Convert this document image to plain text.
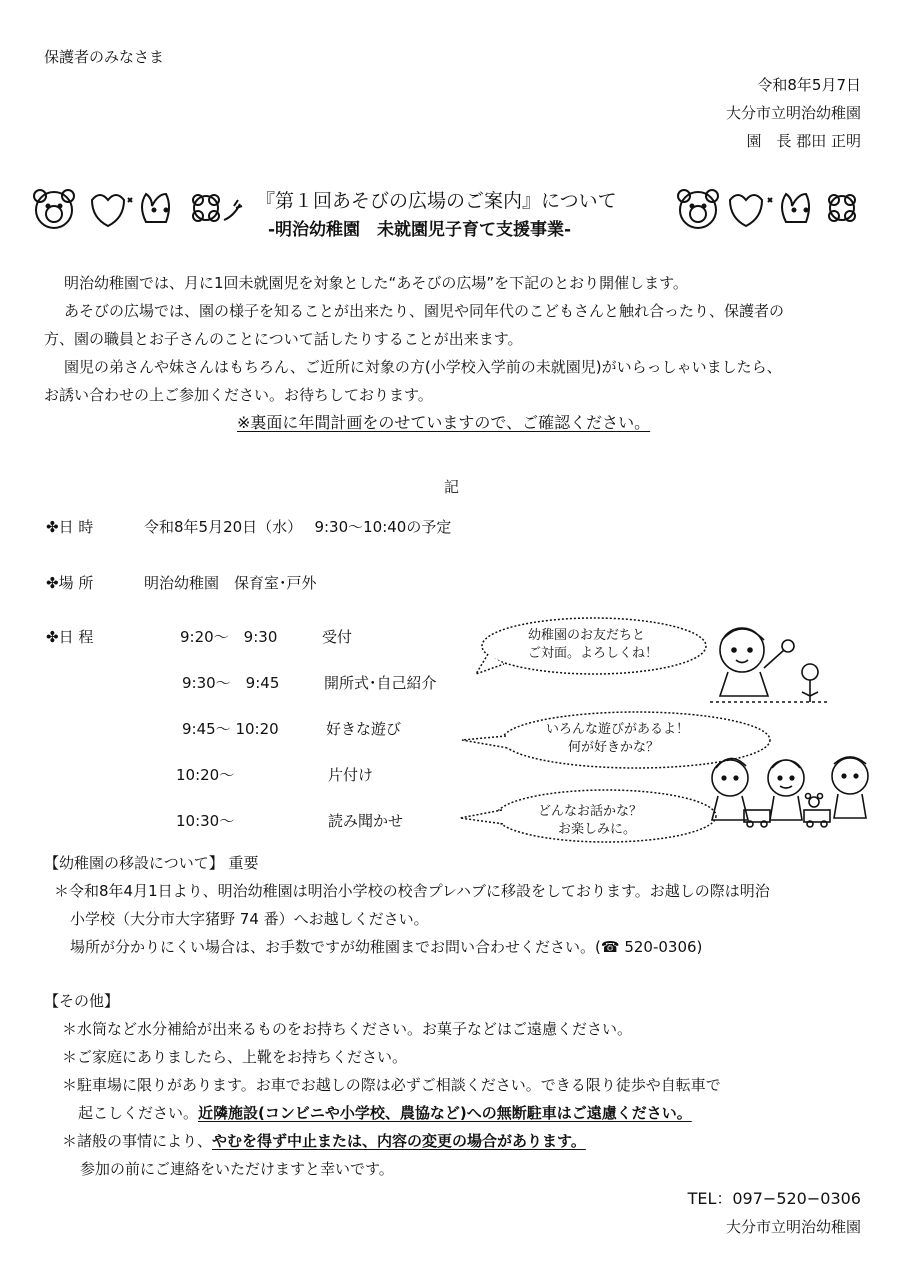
保護者のみなさま
令和8年5月7日
大分市立明治幼稚園
園　長 郡田 正明
『第１回あそびの広場のご案内』について
-明治幼稚園　未就園児子育て支援事業-
明治幼稚園では、月に1回未就園児を対象とした“あそびの広場”を下記のとおり開催します。
あそびの広場では、園の様子を知ることが出来たり、園児や同年代のこどもさんと触れ合ったり、保護者の
方、園の職員とお子さんのことについて話したりすることが出来ます。
園児の弟さんや妹さんはもちろん、ご近所に対象の方(小学校入学前の未就園児)がいらっしゃいましたら、
お誘い合わせの上ご参加ください。お待ちしております。
※裏面に年間計画をのせていますので、ご確認ください。
記
✤日 時	令和8年5月20日（水）　 9:30～10:40の予定
✤場 所	明治幼稚園　保育室･戸外
✤日 程	9:20～　9:30	受付
9:30～　9:45	開所式･自己紹介
9:45～ 10:20	好きな遊び
10:20～	片付け
10:30～	読み聞かせ
幼稚園のお友だちと
ご対面。よろしくね！
いろんな遊びがあるよ！
何が好きかな？
どんなお話かな？
お楽しみに。
【幼稚園の移設について】 重要
＊令和8年4月1日より、明治幼稚園は明治小学校の校舎プレハブに移設をしております。お越しの際は明治
小学校（大分市大字猪野 74 番）へお越しください。
場所が分かりにくい場合は、お手数ですが幼稚園までお問い合わせください。(☎ 520-0306)
【その他】
＊水筒など水分補給が出来るものをお持ちください。お菓子などはご遠慮ください。
＊ご家庭にありましたら、上靴をお持ちください。
＊駐車場に限りがあります。お車でお越しの際は必ずご相談ください。できる限り徒歩や自転車で
起こしください。近隣施設(コンビニや小学校、農協など)への無断駐車はご遠慮ください。
＊諸般の事情により、やむを得ず中止または、内容の変更の場合があります。
参加の前にご連絡をいただけますと幸いです。
TEL：097−520−0306
大分市立明治幼稚園
